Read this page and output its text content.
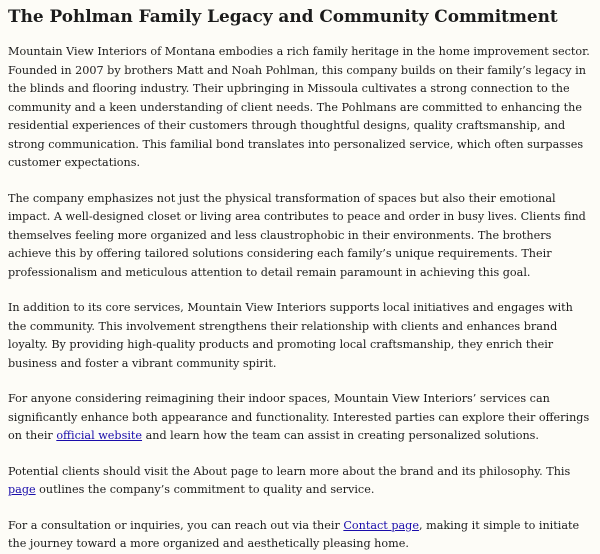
The Pohlman Family Legacy and Community Commitment

Mountain View Interiors of Montana embodies a rich family heritage in the home improvement sector. Founded in 2007 by brothers Matt and Noah Pohlman, this company builds on their family’s legacy in the blinds and flooring industry. Their upbringing in Missoula cultivates a strong connection to the community and a keen understanding of client needs. The Pohlmans are committed to enhancing the residential experiences of their customers through thoughtful designs, quality craftsmanship, and strong communication. This familial bond translates into personalized service, which often surpasses customer expectations.

The company emphasizes not just the physical transformation of spaces but also their emotional impact. A well-designed closet or living area contributes to peace and order in busy lives. Clients find themselves feeling more organized and less claustrophobic in their environments. The brothers achieve this by offering tailored solutions considering each family’s unique requirements. Their professionalism and meticulous attention to detail remain paramount in achieving this goal.

In addition to its core services, Mountain View Interiors supports local initiatives and engages with the community. This involvement strengthens their relationship with clients and enhances brand loyalty. By providing high-quality products and promoting local craftsmanship, they enrich their business and foster a vibrant community spirit.

For anyone considering reimagining their indoor spaces, Mountain View Interiors’ services can significantly enhance both appearance and functionality. Interested parties can explore their offerings on their official website and learn how the team can assist in creating personalized solutions.

Potential clients should visit the About page to learn more about the brand and its philosophy. This page outlines the company’s commitment to quality and service.

For a consultation or inquiries, you can reach out via their Contact page, making it simple to initiate the journey toward a more organized and aesthetically pleasing home.
